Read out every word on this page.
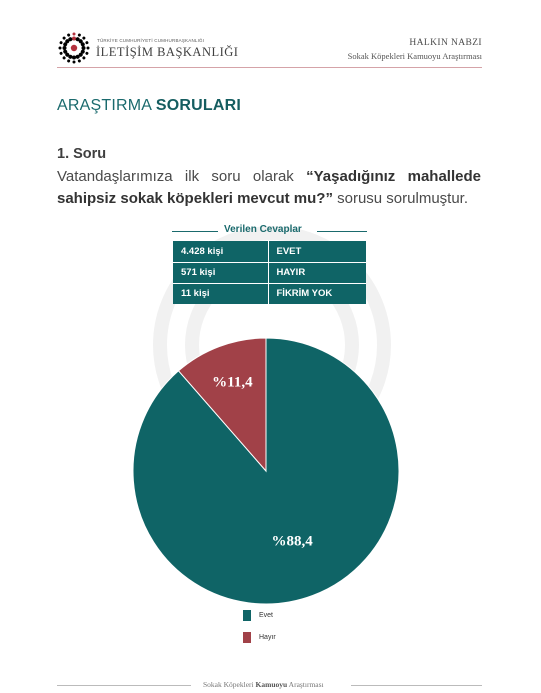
TÜRKİYE CUMHURİYETİ CUMHURBAŞKANLIĞI
İLETİŞİM BAŞKANLIĞI
HALKIN NABZI
Sokak Köpekleri Kamuoyu Araştırması
ARAŞTIRMA SORULARI
1. Soru
Vatandaşlarımıza ilk soru olarak “Yaşadığınız mahallede sahipsiz sokak köpekleri mevcut mu?” sorusu sorulmuştur.
%88,4
%11,4
Verilen Cevaplar
4.428 kişi	EVET
571 kişi	HAYIR
11 kişi	FİKRİM YOK
Evet
Hayır
Sokak Köpekleri Kamuoyu Araştırması
